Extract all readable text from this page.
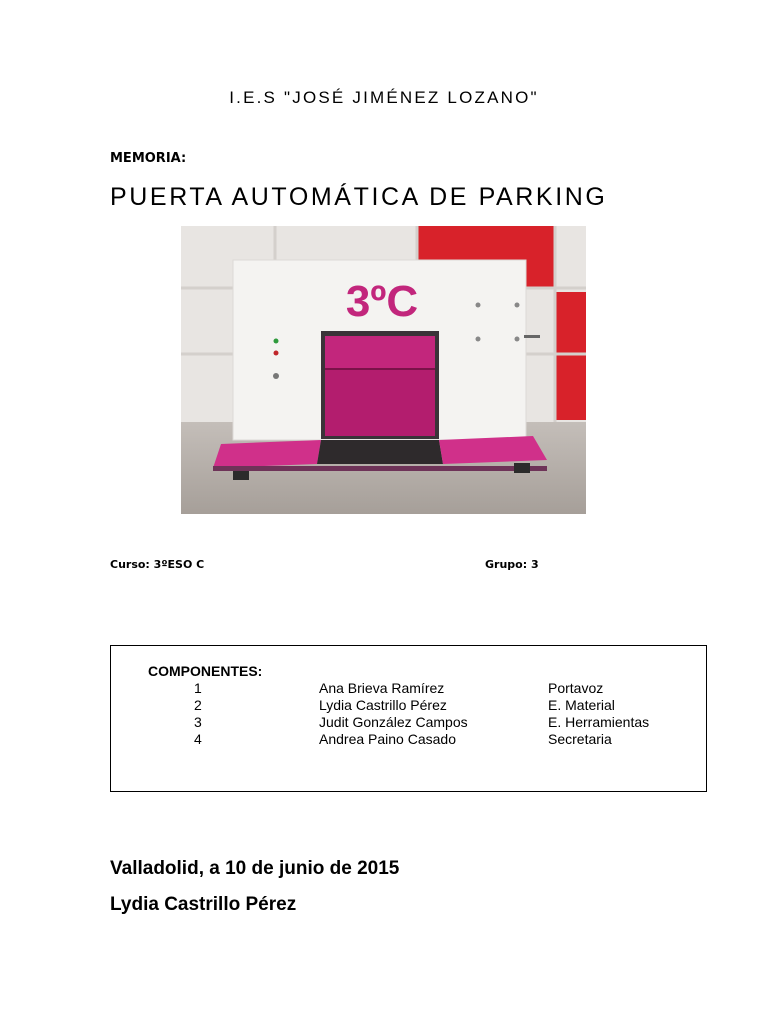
I.E.S "JOSÉ JIMÉNEZ LOZANO"
MEMORIA:
PUERTA AUTOMÁTICA DE PARKING
3ºC
Curso: 3ºESO C	Grupo: 3
COMPONENTES:
1	Ana Brieva Ramírez	Portavoz
2	Lydia Castrillo Pérez	E. Material
3	Judit González Campos	E. Herramientas
4	Andrea Paino Casado	Secretaria
Valladolid, a 10 de junio de 2015
Lydia Castrillo Pérez
